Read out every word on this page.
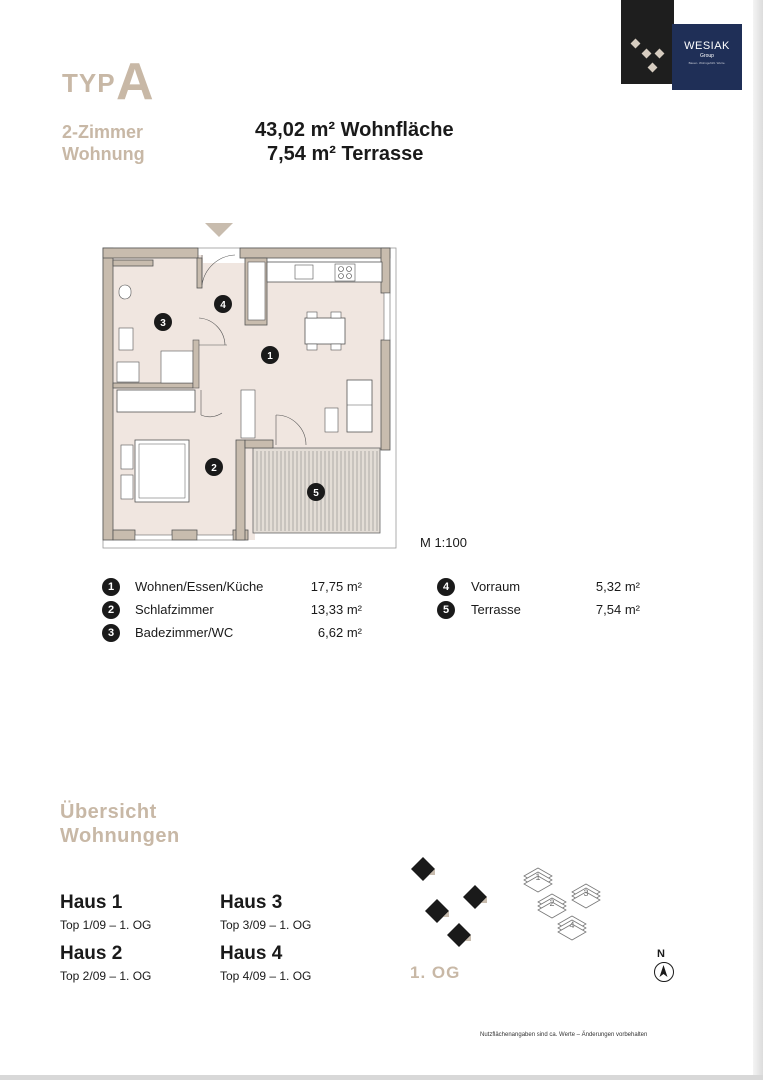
TYP A
2-Zimmer
Wohnung
43,02 m² Wohnfläche
7,54 m² Terrasse
WESIAK
Group
Bauen. Wohngefühl. Werte.
4
3
1
2
5
M 1:100
1	Wohnen/Essen/Küche	17,75 m²
2	Schlafzimmer	13,33 m²
3	Badezimmer/WC	6,62 m²
4	Vorraum	5,32 m²
5	Terrasse	7,54 m²
Übersicht
Wohnungen
Haus 1
Top 1/09 – 1. OG
Haus 3
Top 3/09 – 1. OG
Haus 2
Top 2/09 – 1. OG
Haus 4
Top 4/09 – 1. OG
1
2
3
4
1. OG
N
Nutzflächenangaben sind ca. Werte – Änderungen vorbehalten
